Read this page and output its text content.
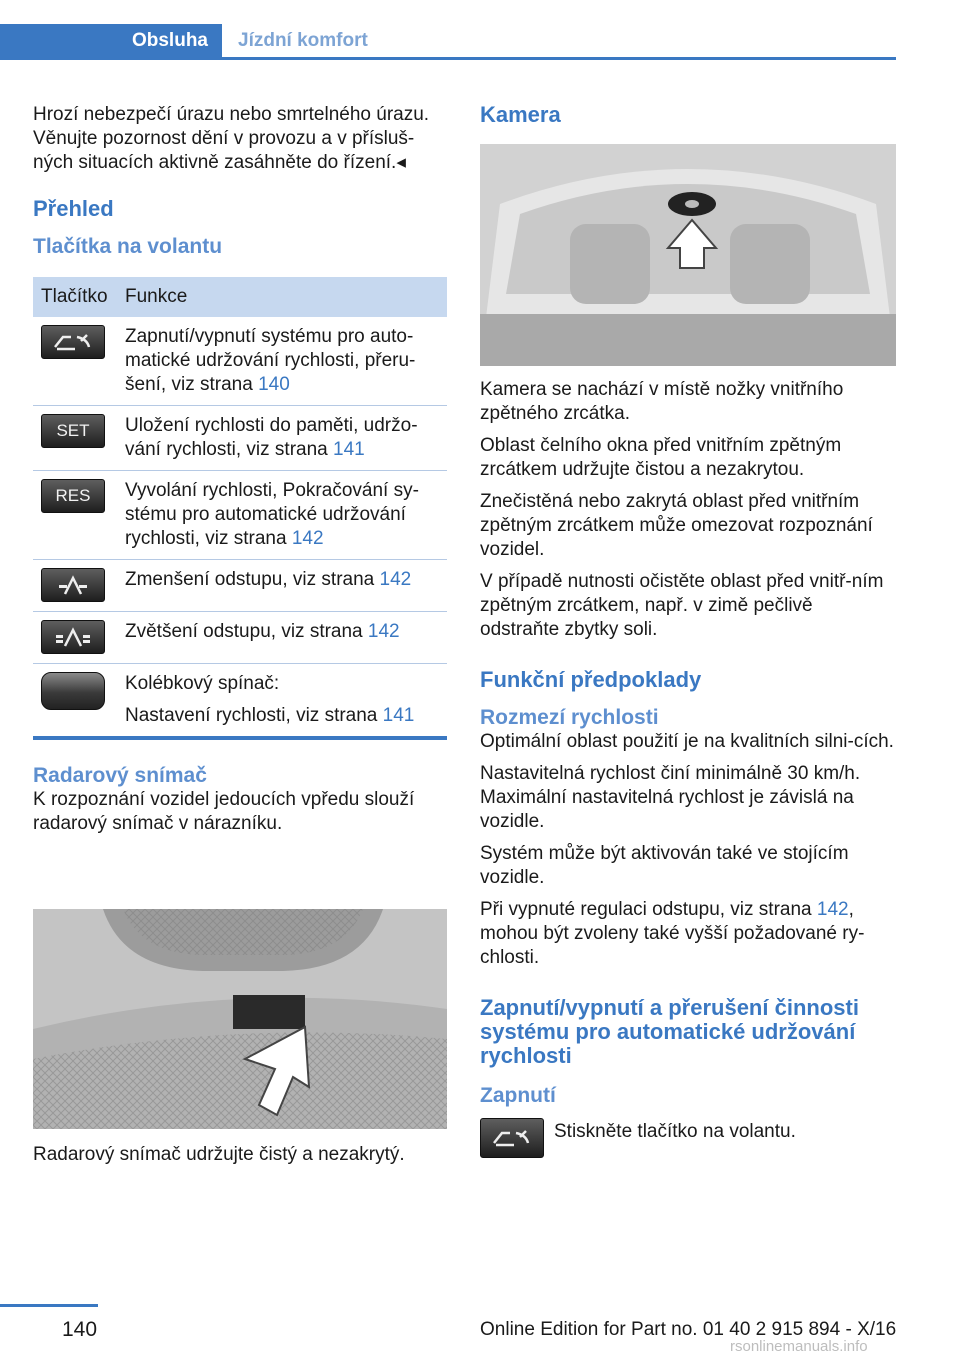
Obsluha Jízdní komfort

Hrozí nebezpečí úrazu nebo smrtelného úrazu. Věnujte pozornost dění v provozu a v přísluš-ných situacích aktivně zasáhněte do řízení.◂

Přehled
Tlačítka na volantu
Tlačítko	Funkce

	Zapnutí/vypnutí systému pro auto-matické udržování rychlosti, přeru-šení, viz strana 140
SET	Uložení rychlosti do paměti, udržo-vání rychlosti, viz strana 141
RES	Vyvolání rychlosti, Pokračování sy-stému pro automatické udržování rychlosti, viz strana 142

	Zmenšení odstupu, viz strana 142

	Zvětšení odstupu, viz strana 142

	Kolébkový spínač:
Nastavení rychlosti, viz strana 141
Radarový snímač

K rozpoznání vozidel jedoucích vpředu slouží radarový snímač v nárazníku.

Radarový snímač udržujte čistý a nezakrytý.

Kamera

Kamera se nachází v místě nožky vnitřního zpětného zrcátka.

Oblast čelního okna před vnitřním zpětným zrcátkem udržujte čistou a nezakrytou.

Znečistěná nebo zakrytá oblast před vnitřním zpětným zrcátkem může omezovat rozpoznání vozidel.

V případě nutnosti očistěte oblast před vnitř-ním zpětným zrcátkem, např. v zimě pečlivě odstraňte zbytky soli.

Funkční předpoklady
Rozmezí rychlosti

Optimální oblast použití je na kvalitních silni-cích.

Nastavitelná rychlost činí minimálně 30 km/h. Maximální nastavitelná rychlost je závislá na vozidle.

Systém může být aktivován také ve stojícím vozidle.

Při vypnuté regulaci odstupu, viz strana 142, mohou být zvoleny také vyšší požadované ry-chlosti.

Zapnutí/vypnutí a přerušení činnosti systému pro automatické udržování rychlosti
Zapnutí
Stiskněte tlačítko na volantu.
140	Online Edition for Part no. 01 40 2 915 894 - X/16
rsonlinemanuals.info
